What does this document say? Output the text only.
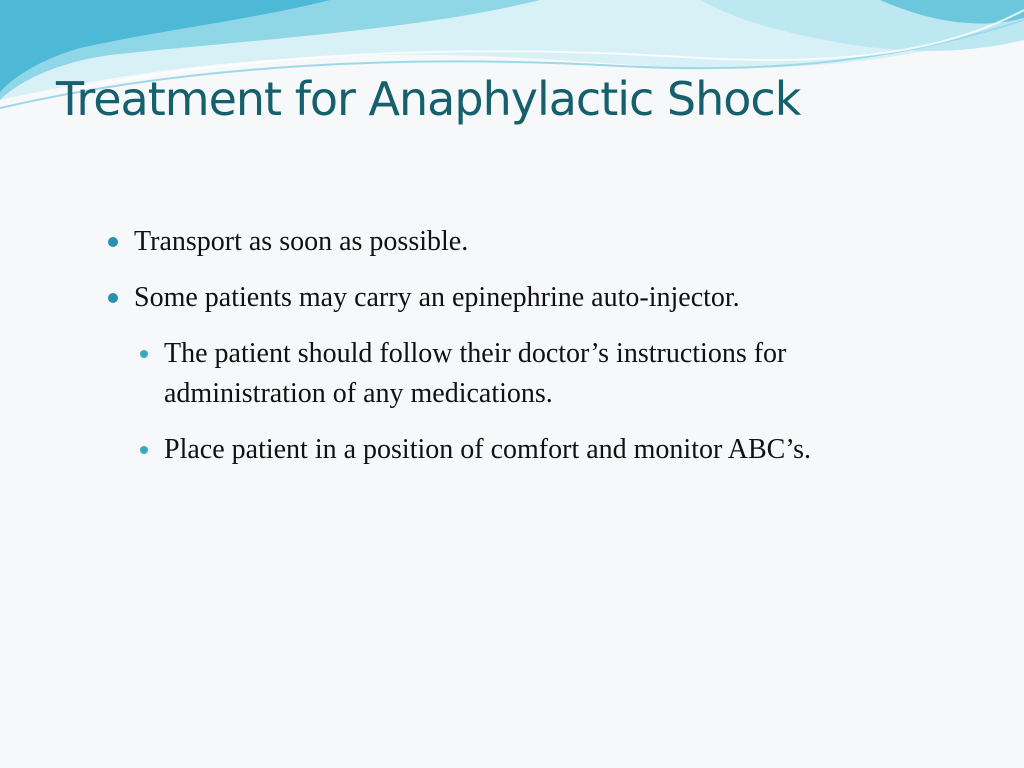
Treatment for Anaphylactic Shock
Transport as soon as possible.
Some patients may carry an epinephrine auto-injector.
The patient should follow their doctor’s instructions for administration of any medications.
Place patient in a position of comfort and monitor ABC’s.
